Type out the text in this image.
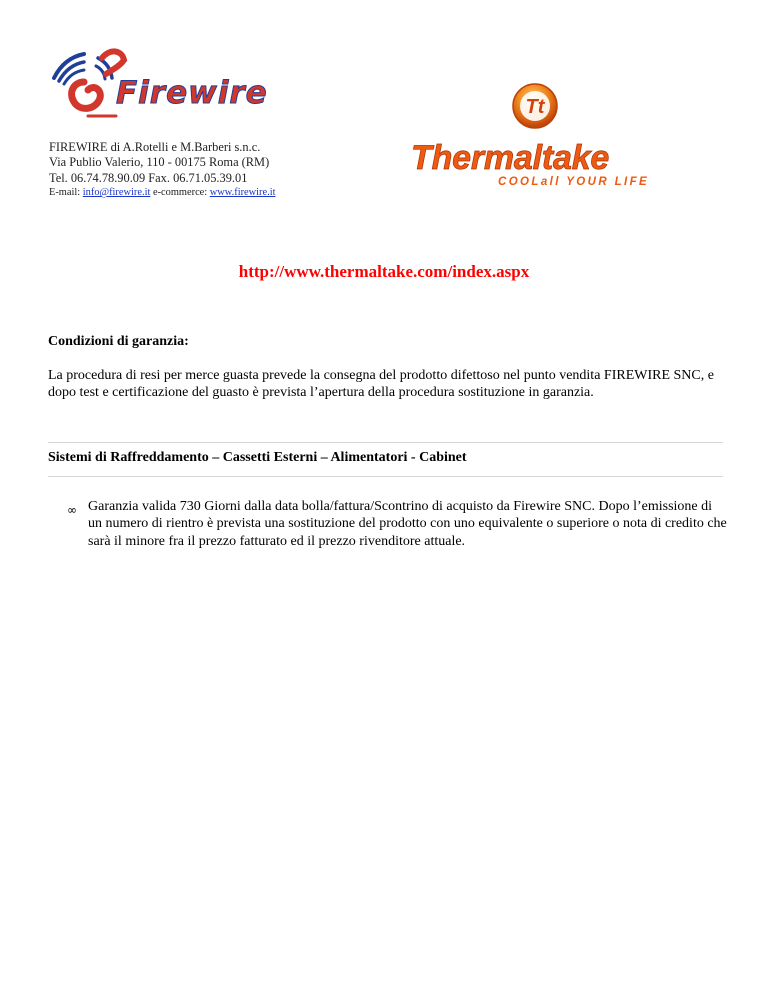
Firewire
FIREWIRE di A.Rotelli e M.Barberi s.n.c.
Via Publio Valerio, 110 - 00175 Roma (RM)
Tel. 06.74.78.90.09 Fax. 06.71.05.39.01
E-mail: info@firewire.it e-commerce: www.firewire.it
Tt
Thermaltake
COOLall YOUR LIFE
http://www.thermaltake.com/index.aspx

Condizioni di garanzia:

La procedura di resi per merce guasta prevede la consegna del prodotto difettoso nel punto vendita FIREWIRE SNC, e dopo test e certificazione del guasto è prevista l’apertura della procedura sostituzione in garanzia.

Sistemi di Raffreddamento – Cassetti Esterni – Alimentatori - Cabinet

∞ Garanzia valida 730 Giorni dalla data bolla/fattura/Scontrino di acquisto da Firewire SNC. Dopo l’emissione di un numero di rientro è prevista una sostituzione del prodotto con uno equivalente o superiore o nota di credito che sarà il minore fra il prezzo fatturato ed il prezzo rivenditore attuale.
